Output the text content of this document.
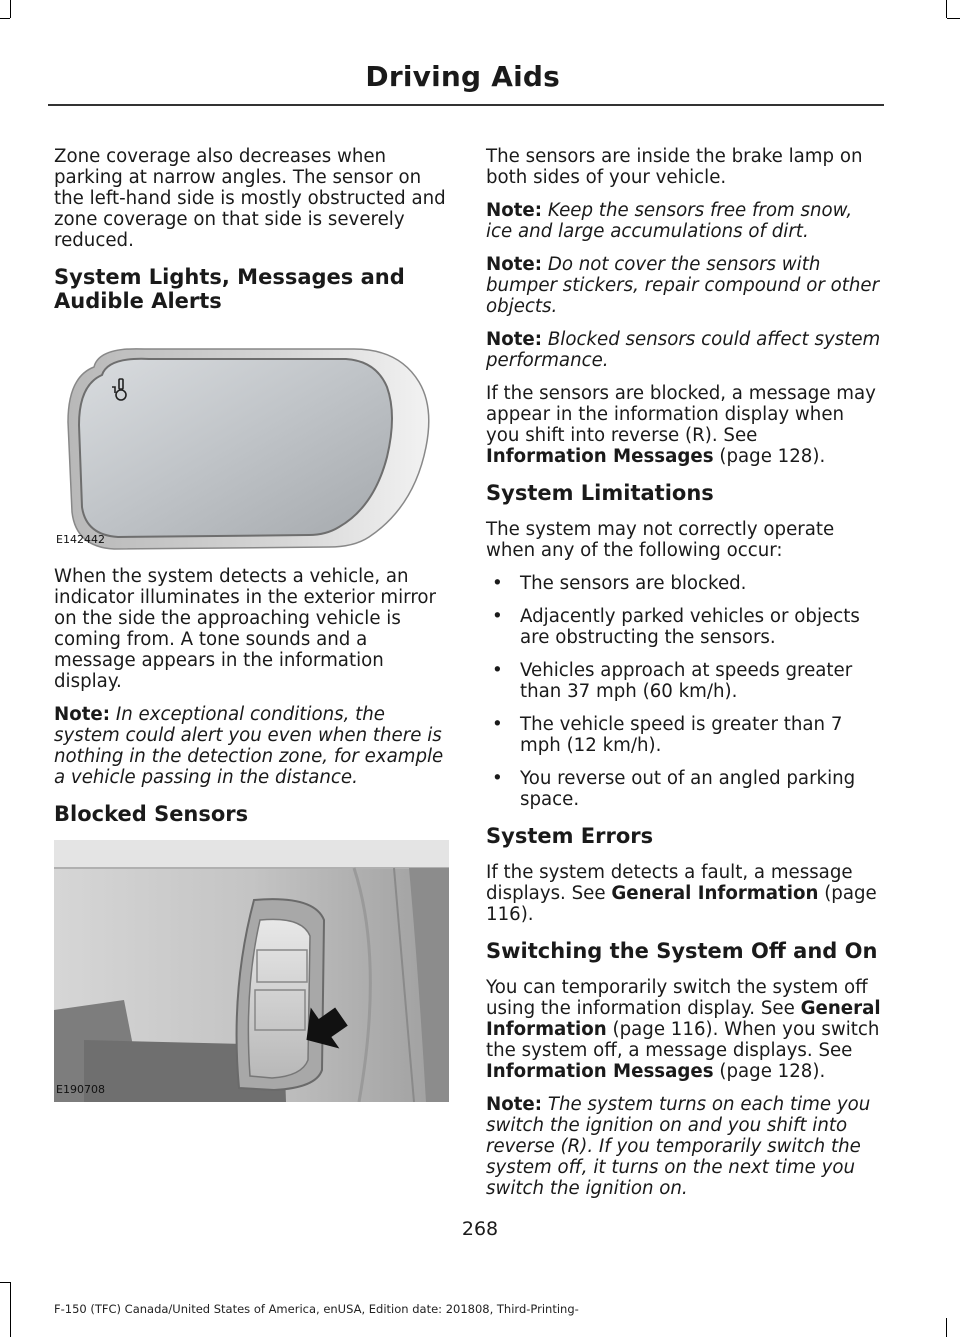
Driving Aids

Zone coverage also decreases when parking at narrow angles. The sensor on the left-hand side is mostly obstructed and zone coverage on that side is severely reduced.

System Lights, Messages and Audible Alerts
E142442

When the system detects a vehicle, an indicator illuminates in the exterior mirror on the side the approaching vehicle is coming from. A tone sounds and a message appears in the information display.

Note: In exceptional conditions, the system could alert you even when there is nothing in the detection zone, for example a vehicle passing in the distance.

Blocked Sensors
E190708

The sensors are inside the brake lamp on both sides of your vehicle.

Note: Keep the sensors free from snow, ice and large accumulations of dirt.

Note: Do not cover the sensors with bumper stickers, repair compound or other objects.

Note: Blocked sensors could affect system performance.

If the sensors are blocked, a message may appear in the information display when you shift into reverse (R). See Information Messages (page 128).

System Limitations

The system may not correctly operate when any of the following occur:

• The sensors are blocked.
• Adjacently parked vehicles or objects are obstructing the sensors.
• Vehicles approach at speeds greater than 37 mph (60 km/h).
• The vehicle speed is greater than 7 mph (12 km/h).
• You reverse out of an angled parking space.
System Errors

If the system detects a fault, a message displays. See General Information (page 116).

Switching the System Off and On

You can temporarily switch the system off using the information display. See General Information (page 116). When you switch the system off, a message displays. See Information Messages (page 128).

Note: The system turns on each time you switch the ignition on and you shift into reverse (R). If you temporarily switch the system off, it turns on the next time you switch the ignition on.

268
F-150 (TFC) Canada/United States of America, enUSA, Edition date: 201808, Third-Printing-
